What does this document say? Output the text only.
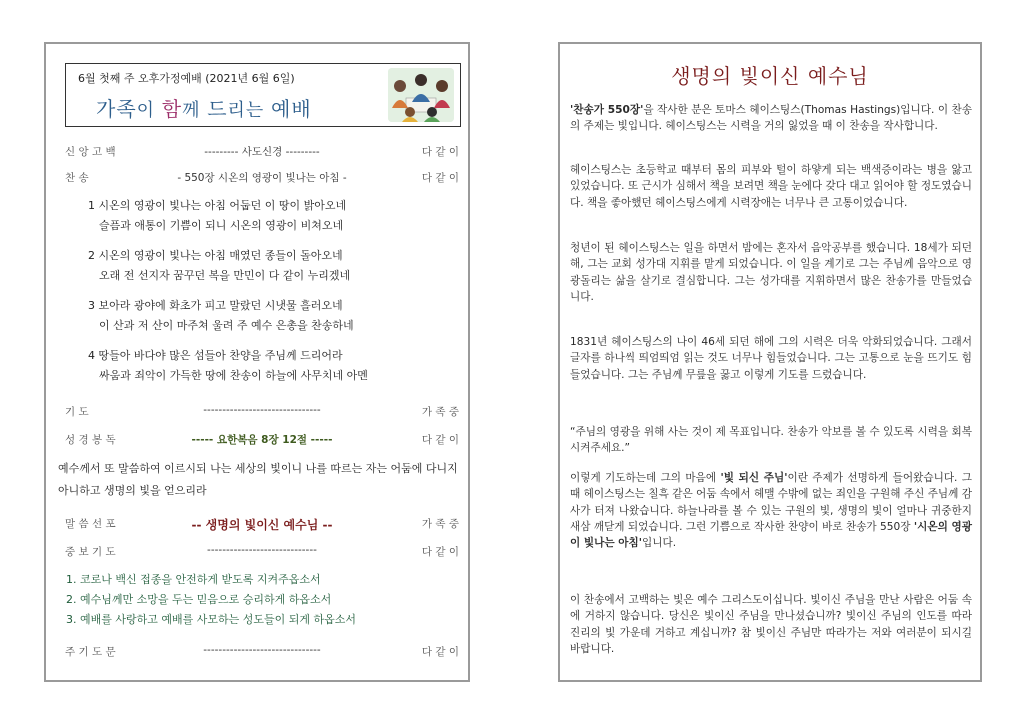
6월 첫째 주 오후가정예배 (2021년 6월 6일)
가족이 함께 드리는 예배
신 앙 고 백	--------- 사도신경 ---------	다 같 이
찬 송	- 550장 시온의 영광이 빛나는 아침 -	다 같 이
1 시온의 영광이 빛나는 아침 어둡던 이 땅이 밝아오네
슬픔과 애통이 기쁨이 되니 시온의 영광이 비쳐오네
2 시온의 영광이 빛나는 아침 매였던 종들이 돌아오네
오래 전 선지자 꿈꾸던 복을 만민이 다 같이 누리겠네
3 보아라 광야에 화초가 피고 말랐던 시냇물 흘러오네
이 산과 저 산이 마주쳐 울려 주 예수 은총을 찬송하네
4 땅들아 바다야 많은 섬들아 찬양을 주님께 드리어라
싸움과 죄악이 가득한 땅에 찬송이 하늘에 사무치네 아멘
기 도	-------------------------------	가 족 중
성 경 봉 독	----- 요한복음 8장 12절 -----	다 같 이
예수께서 또 말씀하여 이르시되 나는 세상의 빛이니 나를 따르는 자는 어둠에 다니지 아니하고 생명의 빛을 얻으리라
말 씀 선 포	-- 생명의 빛이신 예수님 --	가 족 중
중 보 기 도	-----------------------------	다 같 이
1. 코로나 백신 접종을 안전하게 받도록 지켜주옵소서
2. 예수님께만 소망을 두는 믿음으로 승리하게 하옵소서
3. 예배를 사랑하고 예배를 사모하는 성도들이 되게 하옵소서
주 기 도 문	-------------------------------	다 같 이
생명의 빛이신 예수님
'찬송가 550장'을 작사한 분은 토마스 헤이스팅스(Thomas Hastings)입니다. 이 찬송의 주제는 빛입니다. 헤이스팅스는 시력을 거의 잃었을 때 이 찬송을 작사합니다.
헤이스팅스는 초등학교 때부터 몸의 피부와 털이 하얗게 되는 백색증이라는 병을 앓고 있었습니다. 또 근시가 심해서 책을 보려면 책을 눈에다 갖다 대고 읽어야 할 정도였습니다. 책을 좋아했던 헤이스팅스에게 시력장애는 너무나 큰 고통이었습니다.
청년이 된 헤이스팅스는 일을 하면서 밤에는 혼자서 음악공부를 했습니다. 18세가 되던 해, 그는 교회 성가대 지휘를 맡게 되었습니다. 이 일을 계기로 그는 주님께 음악으로 영광돌리는 삶을 살기로 결심합니다. 그는 성가대를 지휘하면서 많은 찬송가를 만들었습니다.
1831년 헤이스팅스의 나이 46세 되던 해에 그의 시력은 더욱 악화되었습니다. 그래서 글자를 하나씩 띄엄띄엄 읽는 것도 너무나 힘들었습니다. 그는 고통으로 눈을 뜨기도 힘들었습니다. 그는 주님께 무릎을 꿇고 이렇게 기도를 드렸습니다.
“주님의 영광을 위해 사는 것이 제 목표입니다. 찬송가 악보를 볼 수 있도록 시력을 회복시켜주세요.”
이렇게 기도하는데 그의 마음에 '빛 되신 주님'이란 주제가 선명하게 들어왔습니다. 그때 헤이스팅스는 칠흑 같은 어둠 속에서 헤맬 수밖에 없는 죄인을 구원해 주신 주님께 감사가 터져 나왔습니다. 하늘나라를 볼 수 있는 구원의 빛, 생명의 빛이 얼마나 귀중한지 새삼 깨닫게 되었습니다. 그런 기쁨으로 작사한 찬양이 바로 찬송가 550장 '시온의 영광이 빛나는 아침'입니다.
이 찬송에서 고백하는 빛은 예수 그리스도이십니다. 빛이신 주님을 만난 사람은 어둠 속에 거하지 않습니다. 당신은 빛이신 주님을 만나셨습니까? 빛이신 주님의 인도를 따라 진리의 빛 가운데 거하고 계십니까? 참 빛이신 주님만 따라가는 저와 여러분이 되시길 바랍니다.
